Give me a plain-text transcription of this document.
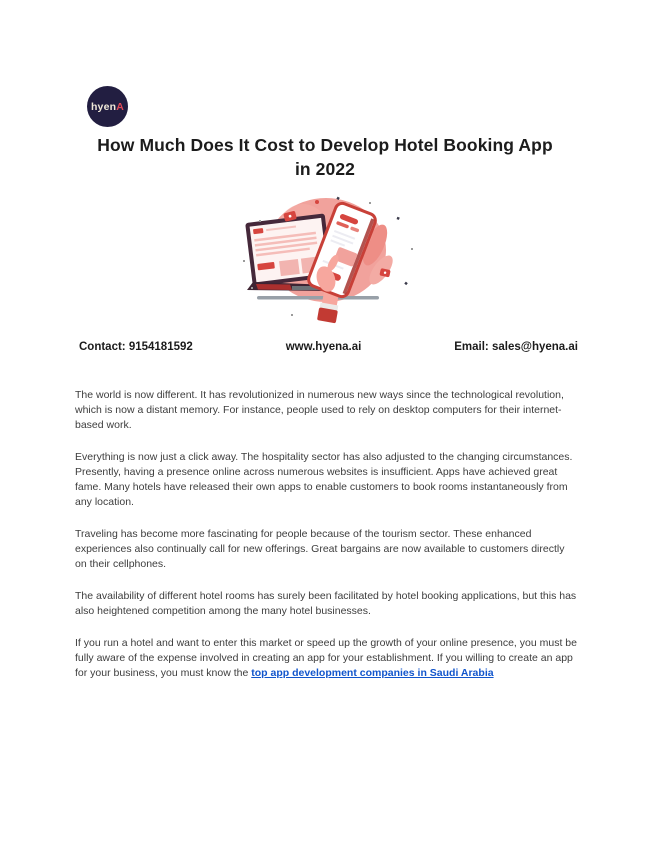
hyenA
How Much Does It Cost to Develop Hotel Booking App
in 2022
Contact: 9154181592	www.hyena.ai	Email: sales@hyena.ai

The world is now different. It has revolutionized in numerous new ways since the technological revolution, which is now a distant memory. For instance, people used to rely on desktop computers for their internet-based work.

Everything is now just a click away. The hospitality sector has also adjusted to the changing circumstances. Presently, having a presence online across numerous websites is insufficient. Apps have achieved great fame. Many hotels have released their own apps to enable customers to book rooms instantaneously from any location.

Traveling has become more fascinating for people because of the tourism sector. These enhanced experiences also continually call for new offerings. Great bargains are now available to customers directly on their cellphones.

The availability of different hotel rooms has surely been facilitated by hotel booking applications, but this has also heightened competition among the many hotel businesses.

If you run a hotel and want to enter this market or speed up the growth of your online presence, you must be fully aware of the expense involved in creating an app for your establishment. If you willing to create an app for your business, you must know the top app development companies in Saudi Arabia
